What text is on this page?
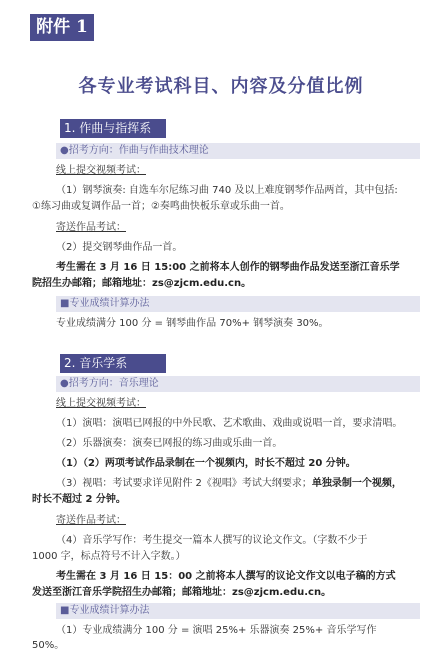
附件 1
各专业考试科目、内容及分值比例
1. 作曲与指挥系
●招考方向：作曲与作曲技术理论
线上提交视频考试：
（1）钢琴演奏: 自选车尔尼练习曲 740 及以上难度钢琴作品两首，其中包括:
①练习曲或复调作品一首；②奏鸣曲快板乐章或乐曲一首。
寄送作品考试：
（2）提交钢琴曲作品一首。
考生需在 3 月 16 日 15:00 之前将本人创作的钢琴曲作品发送至浙江音乐学
院招生办邮箱；邮箱地址：zs@zjcm.edu.cn。
■专业成绩计算办法
专业成绩满分 100 分 = 钢琴曲作品 70%+ 钢琴演奏 30%。
2. 音乐学系
●招考方向：音乐理论
线上提交视频考试：
（1）演唱：演唱已网报的中外民歌、艺术歌曲、戏曲或说唱一首，要求清唱。
（2）乐器演奏：演奏已网报的练习曲或乐曲一首。
（1）（2）两项考试作品录制在一个视频内，时长不超过 20 分钟。
（3）视唱：考试要求详见附件 2《视唱》考试大纲要求；单独录制一个视频，
时长不超过 2 分钟。
寄送作品考试：
（4）音乐学写作：考生提交一篇本人撰写的议论文作文。（字数不少于
1000 字，标点符号不计入字数。）
考生需在 3 月 16 日 15：00 之前将本人撰写的议论文作文以电子稿的方式
发送至浙江音乐学院招生办邮箱；邮箱地址：zs@zjcm.edu.cn。
■专业成绩计算办法
（1）专业成绩满分 100 分 = 演唱 25%+ 乐器演奏 25%+ 音乐学写作
50%。
